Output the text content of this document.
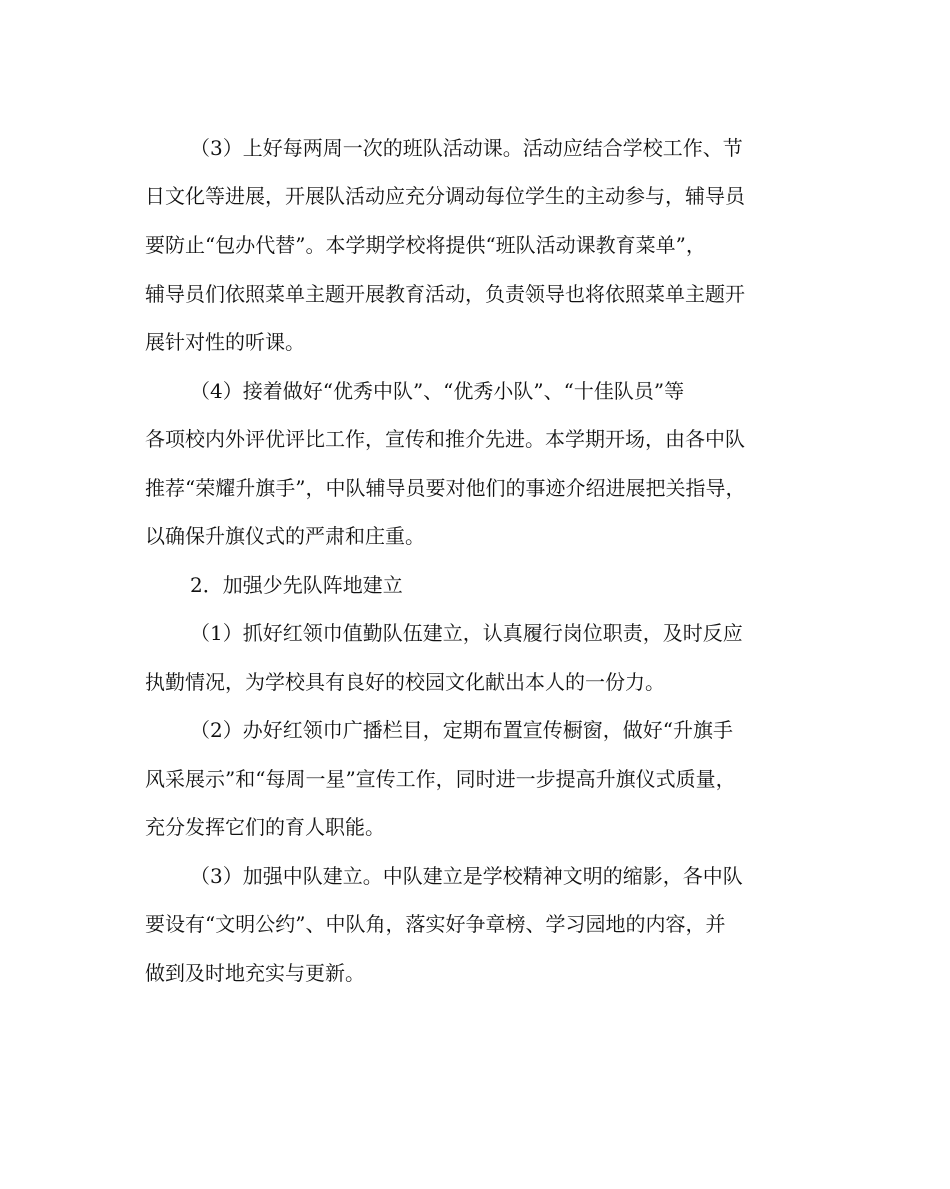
（3）上好每两周一次的班队活动课。活动应结合学校工作、节
日文化等进展，开展队活动应充分调动每位学生的主动参与，辅导员
要防止“包办代替”。本学期学校将提供“班队活动课教育菜单”，
辅导员们依照菜单主题开展教育活动，负责领导也将依照菜单主题开
展针对性的听课。
（4）接着做好“优秀中队”、“优秀小队”、“十佳队员”等
各项校内外评优评比工作，宣传和推介先进。本学期开场，由各中队
推荐“荣耀升旗手”，中队辅导员要对他们的事迹介绍进展把关指导，
以确保升旗仪式的严肃和庄重。
2．加强少先队阵地建立
（1）抓好红领巾值勤队伍建立，认真履行岗位职责，及时反应
执勤情况，为学校具有良好的校园文化献出本人的一份力。
（2）办好红领巾广播栏目，定期布置宣传橱窗，做好“升旗手
风采展示”和“每周一星”宣传工作，同时进一步提高升旗仪式质量，
充分发挥它们的育人职能。
（3）加强中队建立。中队建立是学校精神文明的缩影，各中队
要设有“文明公约”、中队角，落实好争章榜、学习园地的内容，并
做到及时地充实与更新。
